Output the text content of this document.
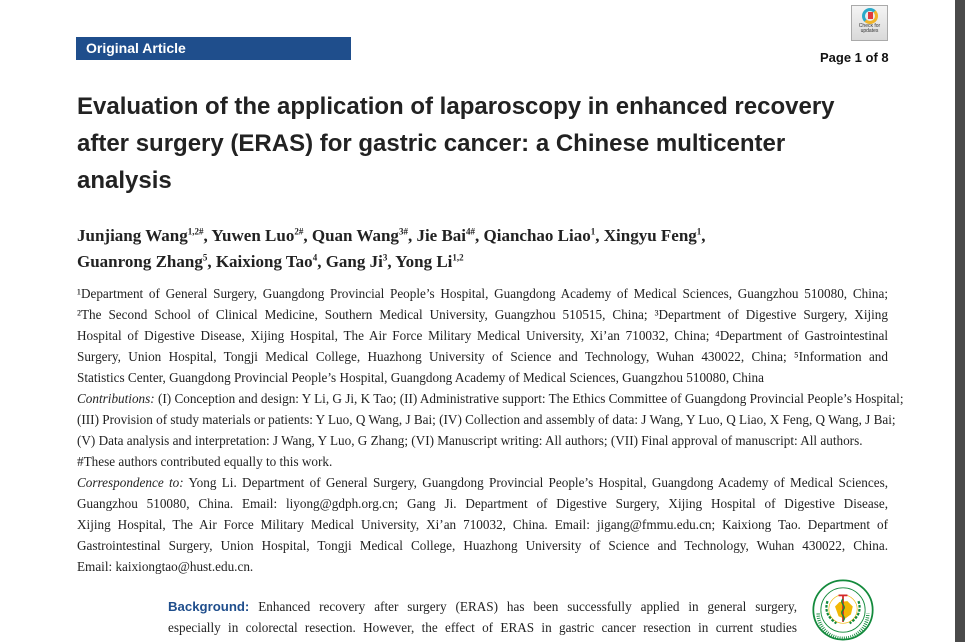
Original Article
Check for updates
Page 1 of 8
Evaluation of the application of laparoscopy in enhanced recovery
after surgery (ERAS) for gastric cancer: a Chinese multicenter
analysis
Junjiang Wang$^{1,2\#}$, Yuwen Luo$^{2\#}$, Quan Wang$^{3\#}$, Jie Bai$^{4\#}$, Qianchao Liao$^1$, Xingyu Feng$^1$,
Guanrong Zhang$^5$, Kaixiong Tao$^4$, Gang Ji$^3$, Yong Li$^{1,2}$
¹Department of General Surgery, Guangdong Provincial People’s Hospital, Guangdong Academy of Medical Sciences, Guangzhou 510080, China;
²The Second School of Clinical Medicine, Southern Medical University, Guangzhou 510515, China; ³Department of Digestive Surgery, Xijing
Hospital of Digestive Disease, Xijing Hospital, The Air Force Military Medical University, Xi’an 710032, China; ⁴Department of Gastrointestinal
Surgery, Union Hospital, Tongji Medical College, Huazhong University of Science and Technology, Wuhan 430022, China; ⁵Information and
Statistics Center, Guangdong Provincial People’s Hospital, Guangdong Academy of Medical Sciences, Guangzhou 510080, China
Contributions: (I) Conception and design: Y Li, G Ji, K Tao; (II) Administrative support: The Ethics Committee of Guangdong Provincial People’s Hospital;
(III) Provision of study materials or patients: Y Luo, Q Wang, J Bai; (IV) Collection and assembly of data: J Wang, Y Luo, Q Liao, X Feng, Q Wang, J Bai;
(V) Data analysis and interpretation: J Wang, Y Luo, G Zhang; (VI) Manuscript writing: All authors; (VII) Final approval of manuscript: All authors.
#These authors contributed equally to this work.
Correspondence to: Yong Li. Department of General Surgery, Guangdong Provincial People’s Hospital, Guangdong Academy of Medical Sciences,
Guangzhou 510080, China. Email: liyong@gdph.org.cn; Gang Ji. Department of Digestive Surgery, Xijing Hospital of Digestive Disease,
Xijing Hospital, The Air Force Military Medical University, Xi’an 710032, China. Email: jigang@fmmu.edu.cn; Kaixiong Tao. Department of
Gastrointestinal Surgery, Union Hospital, Tongji Medical College, Huazhong University of Science and Technology, Wuhan 430022, China.
Email: kaixiongtao@hust.edu.cn.
Background: Enhanced recovery after surgery (ERAS) has been successfully applied in general surgery,
especially in colorectal resection. However, the effect of ERAS in gastric cancer resection in current studies
